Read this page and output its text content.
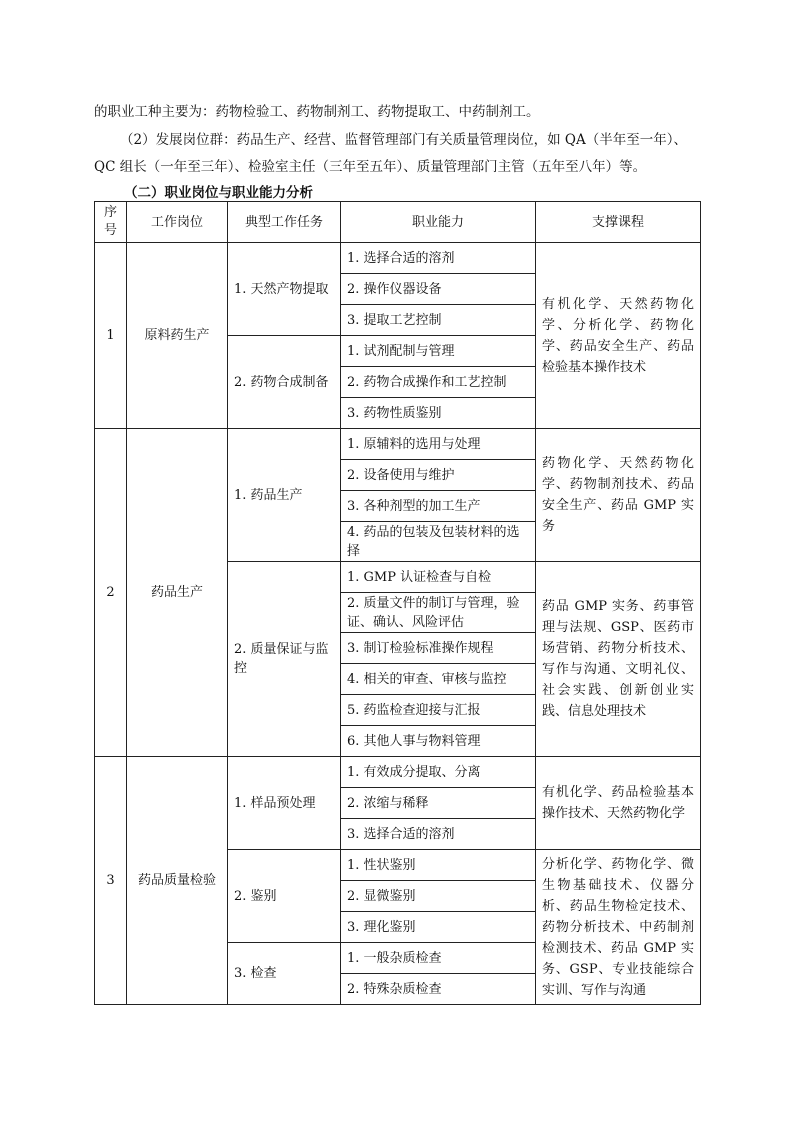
的职业工种主要为：药物检验工、药物制剂工、药物提取工、中药制剂工。
（2）发展岗位群：药品生产、经营、监督管理部门有关质量管理岗位，如 QA（半年至一年）、
QC 组长（一年至三年）、检验室主任（三年至五年）、质量管理部门主管（五年至八年）等。
（二）职业岗位与职业能力分析
序号	工作岗位	典型工作任务	职业能力	支撑课程
1	原料药生产	1. 天然产物提取	1. 选择合适的溶剂	有机化学、天然药物化学、分析化学、药物化学、药品安全生产、药品检验基本操作技术
			2. 操作仪器设备	
			3. 提取工艺控制	
		2. 药物合成制备	1. 试剂配制与管理	
			2. 药物合成操作和工艺控制	
			3. 药物性质鉴别	
2	药品生产	1. 药品生产	1. 原辅料的选用与处理	药物化学、天然药物化学、药物制剂技术、药品安全生产、药品 GMP 实务
			2. 设备使用与维护	
			3. 各种剂型的加工生产	
			4. 药品的包装及包装材料的选择	
		2. 质量保证与监控	1. GMP 认证检查与自检	药品 GMP 实务、药事管理与法规、GSP、医药市场营销、药物分析技术、写作与沟通、文明礼仪、社会实践、创新创业实践、信息处理技术
			2. 质量文件的制订与管理，验证、确认、风险评估	
			3. 制订检验标准操作规程	
			4. 相关的审查、审核与监控	
			5. 药监检查迎接与汇报	
			6. 其他人事与物料管理	
3	药品质量检验	1. 样品预处理	1. 有效成分提取、分离	有机化学、药品检验基本操作技术、天然药物化学
			2. 浓缩与稀释	
			3. 选择合适的溶剂	
		2. 鉴别	1. 性状鉴别	分析化学、药物化学、微生物基础技术、仪器分析、药品生物检定技术、药物分析技术、中药制剂检测技术、药品 GMP 实务、GSP、专业技能综合实训、写作与沟通
			2. 显微鉴别	
			3. 理化鉴别	
		3. 检查	1. 一般杂质检查	
			2. 特殊杂质检查	
